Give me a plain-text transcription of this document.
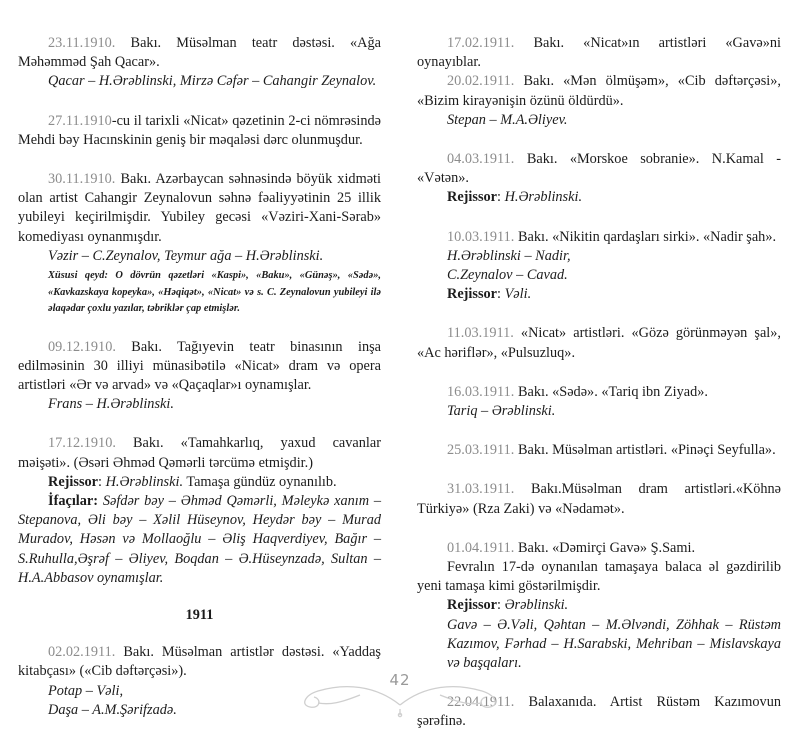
23.11.1910. Bakı. Müsəlman teatr dəstəsi. «Ağa Məhəmməd Şah Qacar».

Qacar – H.Ərəblinski, Mirzə Cəfər – Cahangir Zeynalov.

27.11.1910-cu il tarixli «Nicat» qəzetinin 2-ci nömrəsində Mehdi bəy Hacınskinin geniş bir məqaləsi dərc olunmuşdur.

30.11.1910. Bakı. Azərbaycan səhnəsində böyük xidməti olan artist Cahangir Zeynalovun səhnə fəaliyyətinin 25 illik yubileyi keçirilmişdir. Yubiley gecəsi «Vəziri-Xani-Sərab» komediyası oynanmışdır.

Vəzir – C.Zeynalov, Teymur ağa – H.Ərəblinski.

Xüsusi qeyd: O dövrün qəzetləri «Kaspi», «Baku», «Günəş», «Sədə», «Kavkazskaya kopeyka», «Həqiqət», «Nicat» və s. C. Zeynalovun yubileyi ilə əlaqədar çoxlu yazılar, təbriklər çap etmişlər.

09.12.1910. Bakı. Tağıyevin teatr binasının inşa edilməsinin 30 illiyi münasibətilə «Nicat» dram və opera artistləri «Ər və arvad» və «Qaçaqlar»ı oynamışlar.

Frans – H.Ərəblinski.

17.12.1910. Bakı. «Tamahkarlıq, yaxud cavanlar məişəti». (Əsəri Əhməd Qəmərli tərcümə etmişdir.)

Rejissor: H.Ərəblinski. Tamaşa gündüz oynanılıb.

İfaçılar: Səfdər bəy – Əhməd Qəmərli, Məleykə xanım – Stepanova, Əli bəy – Xəlil Hüseynov, Heydər bəy – Murad Muradov, Həsən və Mollaoğlu – Əliş Haqverdiyev, Bağır – S.Ruhulla,Əşrəf – Əliyev, Boqdan – Ə.Hüseynzadə, Sultan – H.A.Abbasov oynamışlar.

1911

02.02.1911. Bakı. Müsəlman artistlər dəstəsi. «Yaddaş kitabçası» («Cib dəftərçəsi»).

Potap – Vəli,

Daşa – A.M.Şərifzadə.

17.02.1911. Bakı. «Nicat»ın artistləri «Gavə»ni oynayıblar.

20.02.1911. Bakı. «Mən ölmüşəm», «Cib dəftərçəsi», «Bizim kirayənişin özünü öldürdü».

Stepan – M.A.Əliyev.

04.03.1911. Bakı. «Morskoe sobranie». N.Kamal - «Vətən».

Rejissor: H.Ərəblinski.

10.03.1911. Bakı. «Nikitin qardaşları sirki». «Nadir şah».

H.Ərəblinski – Nadir,

C.Zeynalov – Cavad.

Rejissor: Vəli.

11.03.1911. «Nicat» artistləri. «Gözə görünməyən şal», «Ac həriflər», «Pulsuzluq».

16.03.1911. Bakı. «Sədə». «Tariq ibn Ziyad».

Tariq – Ərəblinski.

25.03.1911. Bakı. Müsəlman artistləri. «Pinəçi Seyfulla».

31.03.1911. Bakı.Müsəlman dram artistləri.«Köhnə Türkiyə» (Rza Zaki) və «Nədamət».

01.04.1911. Bakı. «Dəmirçi Gavə» Ş.Sami.

Fevralın 17-də oynanılan tamaşaya balaca əl gəzdirilib yeni tamaşa kimi göstərilmişdir.

Rejissor: Ərəblinski.

Gavə – Ə.Vəli, Qəhtan – M.Əlvəndi, Zöhhak – Rüstəm Kazımov, Fərhad – H.Sarabski, Mehriban – Mislavskaya və başqaları.

22.04.1911. Balaxanıda. Artist Rüstəm Kazımovun şərəfinə.

42
